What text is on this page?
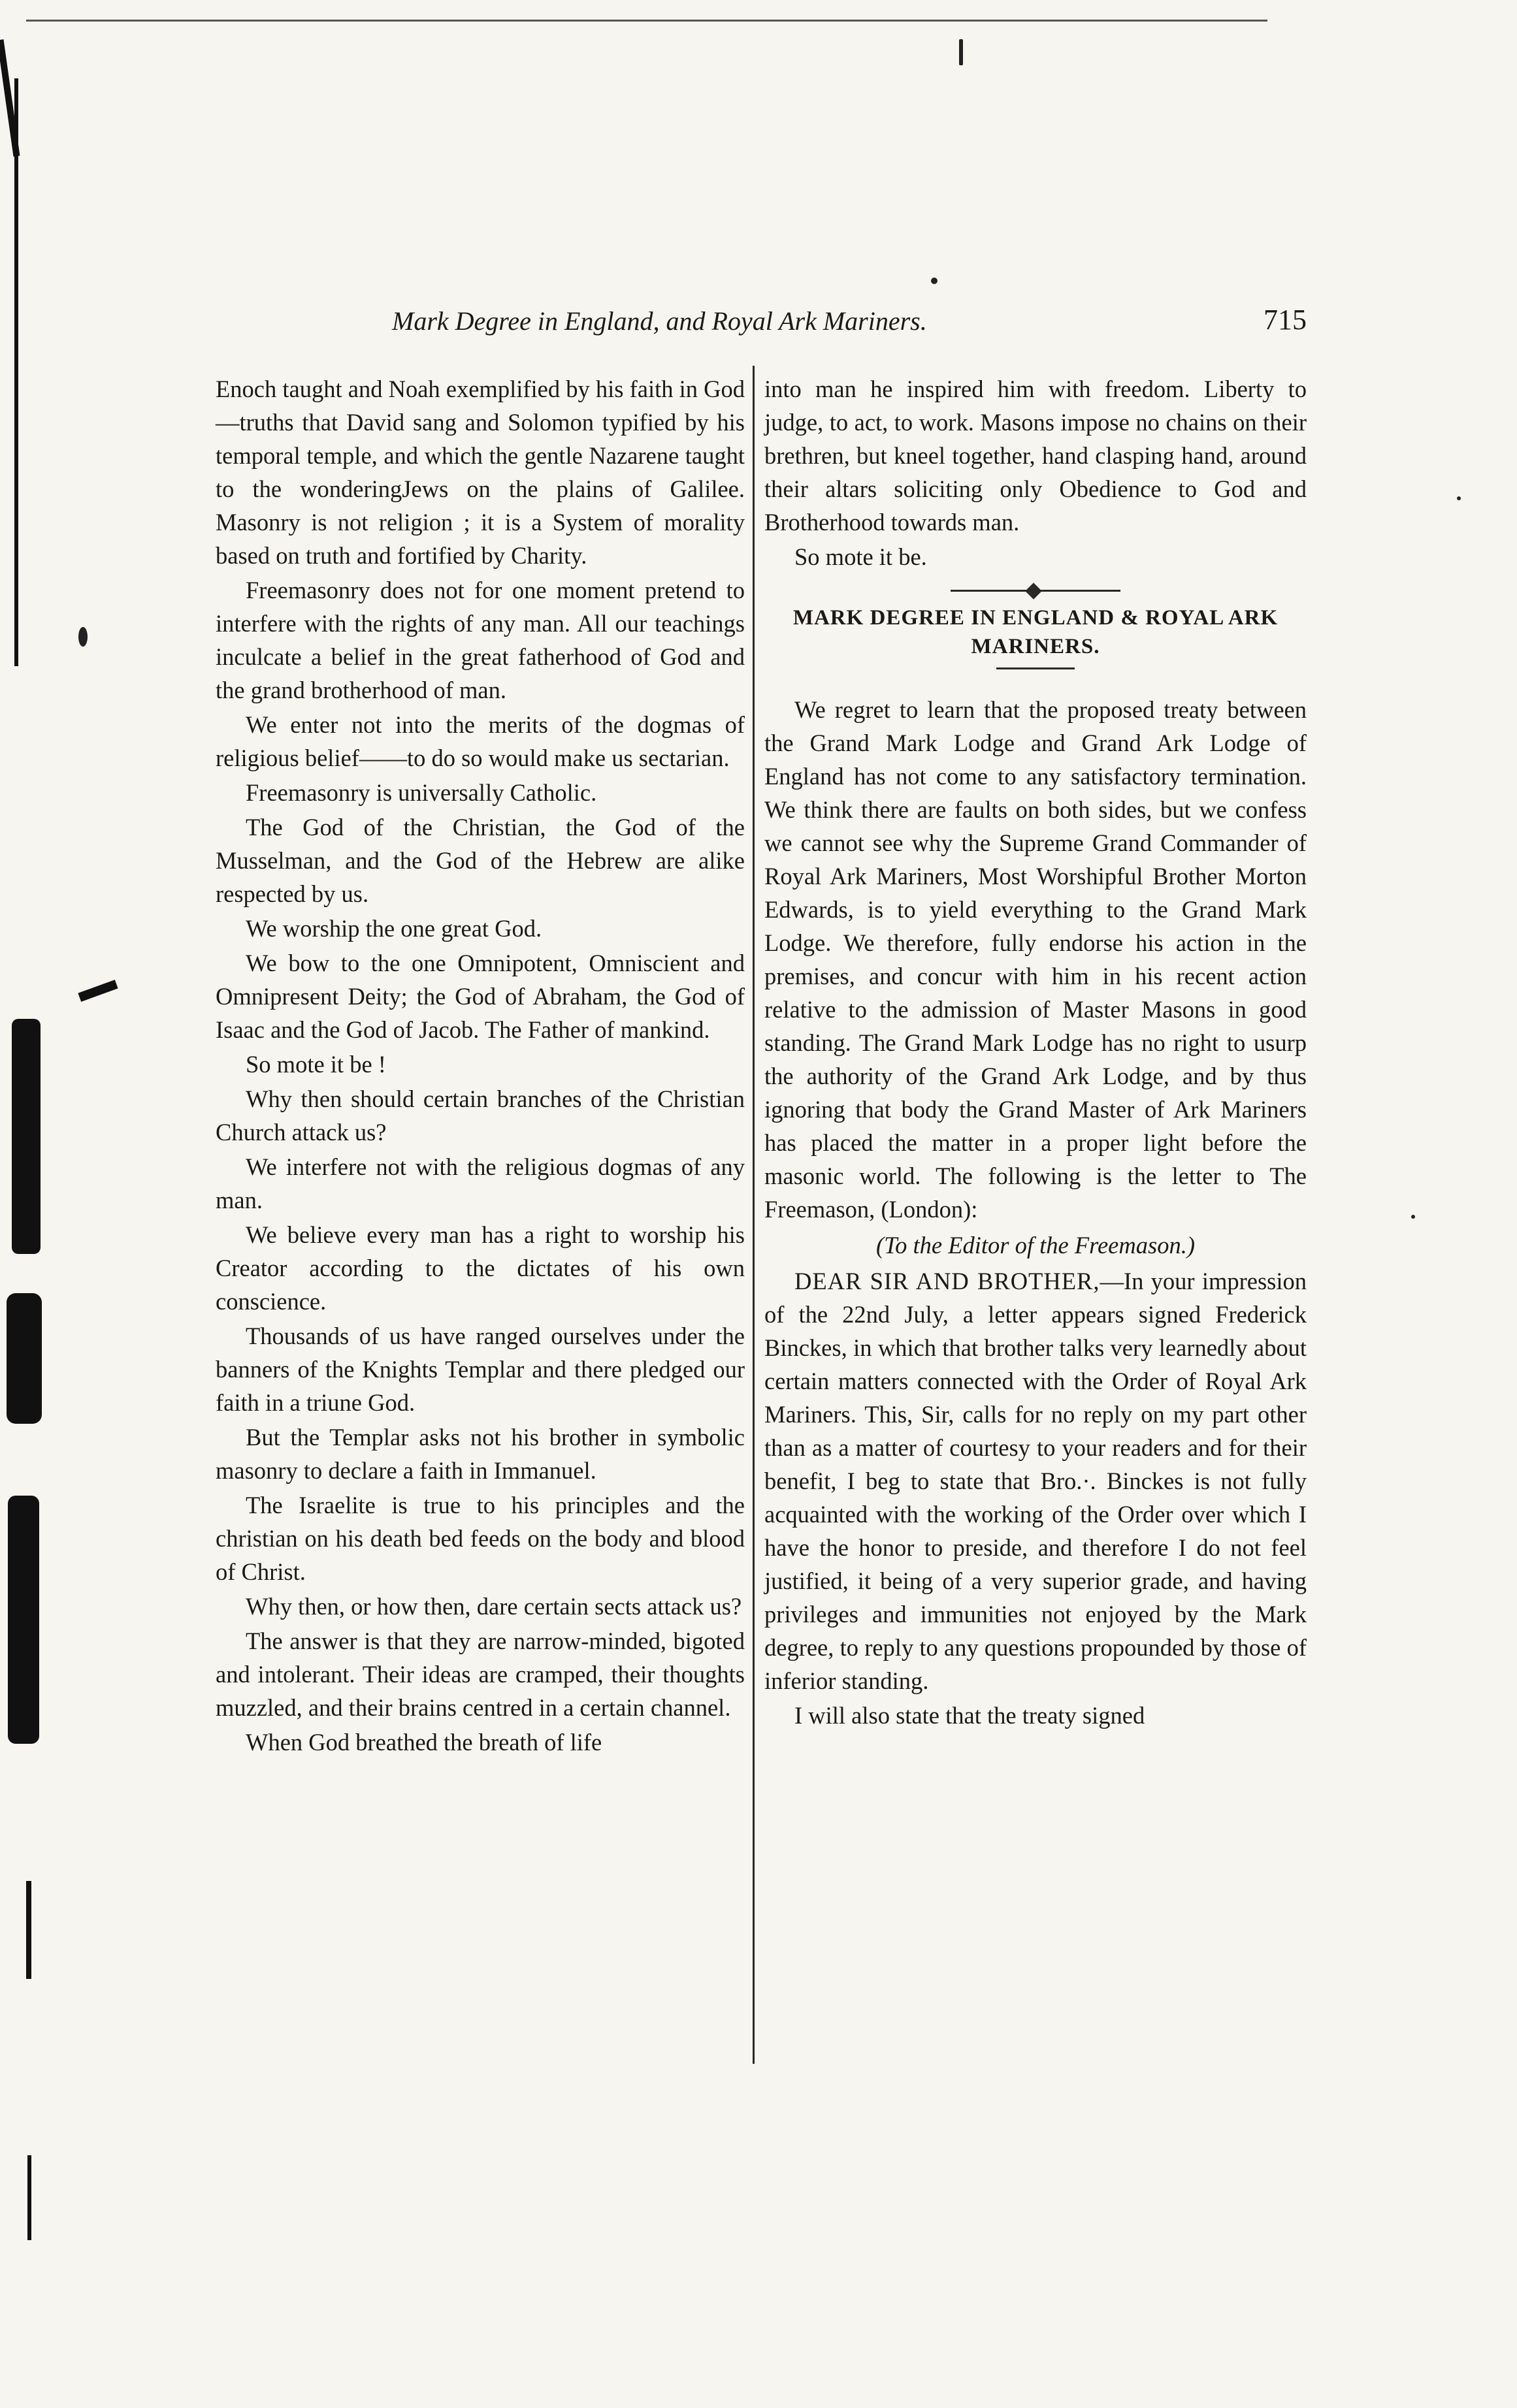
Mark Degree in England, and Royal Ark Mariners.	715

Enoch taught and Noah exemplified by his faith in God—truths that David sang and Solomon typified by his temporal temple, and which the gentle Nazarene taught to the wonderingJews on the plains of Galilee. Masonry is not religion ; it is a System of morality based on truth and fortified by Charity.

Freemasonry does not for one moment pretend to interfere with the rights of any man. All our teachings inculcate a belief in the great fatherhood of God and the grand brotherhood of man.

We enter not into the merits of the dogmas of religious belief——to do so would make us sectarian.

Freemasonry is universally Catholic.

The God of the Christian, the God of the Musselman, and the God of the Hebrew are alike respected by us.

We worship the one great God.

We bow to the one Omnipotent, Omniscient and Omnipresent Deity; the God of Abraham, the God of Isaac and the God of Jacob. The Father of mankind.

So mote it be !

Why then should certain branches of the Christian Church attack us?

We interfere not with the religious dogmas of any man.

We believe every man has a right to worship his Creator according to the dictates of his own conscience.

Thousands of us have ranged ourselves under the banners of the Knights Templar and there pledged our faith in a triune God.

But the Templar asks not his brother in symbolic masonry to declare a faith in Immanuel.

The Israelite is true to his principles and the christian on his death bed feeds on the body and blood of Christ.

Why then, or how then, dare certain sects attack us?

The answer is that they are narrow-minded, bigoted and intolerant. Their ideas are cramped, their thoughts muzzled, and their brains centred in a certain channel.

When God breathed the breath of life

into man he inspired him with freedom. Liberty to judge, to act, to work. Masons impose no chains on their brethren, but kneel together, hand clasping hand, around their altars soliciting only Obedience to God and Brotherhood towards man.

So mote it be.

MARK DEGREE IN ENGLAND & ROYAL ARK MARINERS.

We regret to learn that the proposed treaty between the Grand Mark Lodge and Grand Ark Lodge of England has not come to any satisfactory termination. We think there are faults on both sides, but we confess we cannot see why the Supreme Grand Commander of Royal Ark Mariners, Most Worshipful Brother Morton Edwards, is to yield everything to the Grand Mark Lodge. We therefore, fully endorse his action in the premises, and concur with him in his recent action relative to the admission of Master Masons in good standing. The Grand Mark Lodge has no right to usurp the authority of the Grand Ark Lodge, and by thus ignoring that body the Grand Master of Ark Mariners has placed the matter in a proper light before the masonic world. The following is the letter to The Freemason, (London):

(To the Editor of the Freemason.)

DEAR SIR AND BROTHER,—In your impression of the 22nd July, a letter appears signed Frederick Binckes, in which that brother talks very learnedly about certain matters connected with the Order of Royal Ark Mariners. This, Sir, calls for no reply on my part other than as a matter of courtesy to your readers and for their benefit, I beg to state that Bro.·. Binckes is not fully acquainted with the working of the Order over which I have the honor to preside, and therefore I do not feel justified, it being of a very superior grade, and having privileges and immunities not enjoyed by the Mark degree, to reply to any questions propounded by those of inferior standing.

I will also state that the treaty signed
